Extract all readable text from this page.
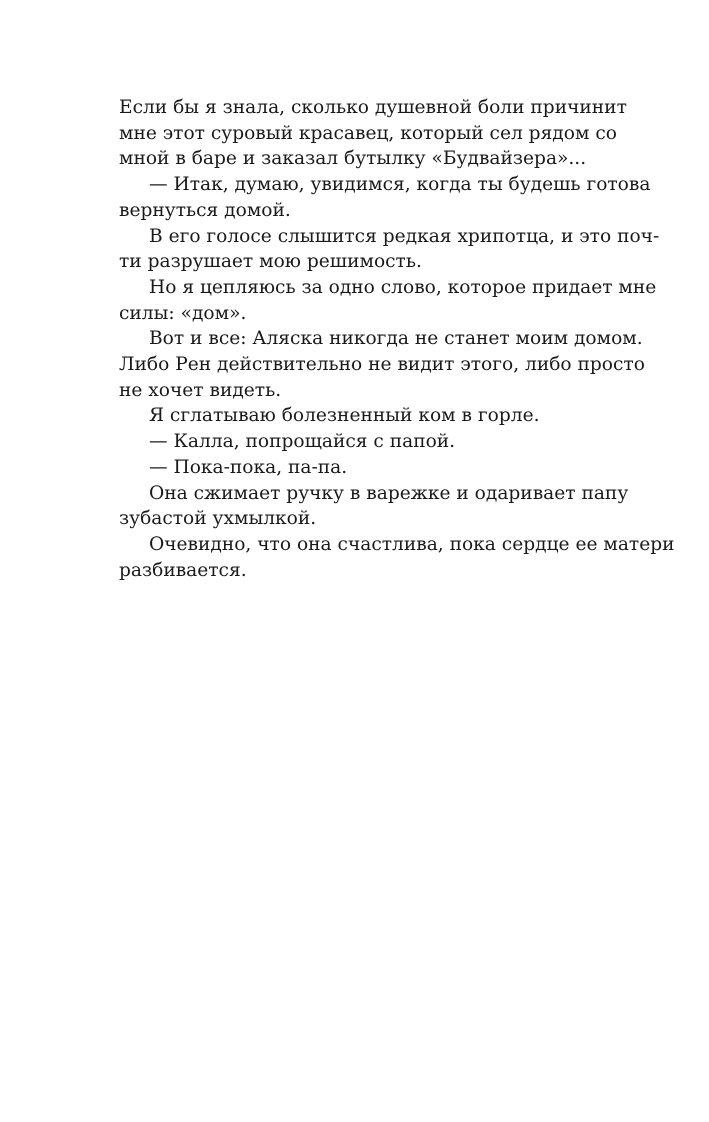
Если бы я знала, сколько душевной боли причинит
мне этот суровый красавец, который сел рядом со
мной в баре и заказал бутылку «Будвайзера»...
— Итак, думаю, увидимся, когда ты будешь готова
вернуться домой.
В его голосе слышится редкая хрипотца, и это поч-
ти разрушает мою решимость.
Но я цепляюсь за одно слово, которое придает мне
силы: «дом».
Вот и все: Аляска никогда не станет моим домом.
Либо Рен действительно не видит этого, либо просто
не хочет видеть.
Я сглатываю болезненный ком в горле.
— Калла, попрощайся с папой.
— Пока-пока, па-па.
Она сжимает ручку в варежке и одаривает папу
зубастой ухмылкой.
Очевидно, что она счастлива, пока сердце ее матери
разбивается.
